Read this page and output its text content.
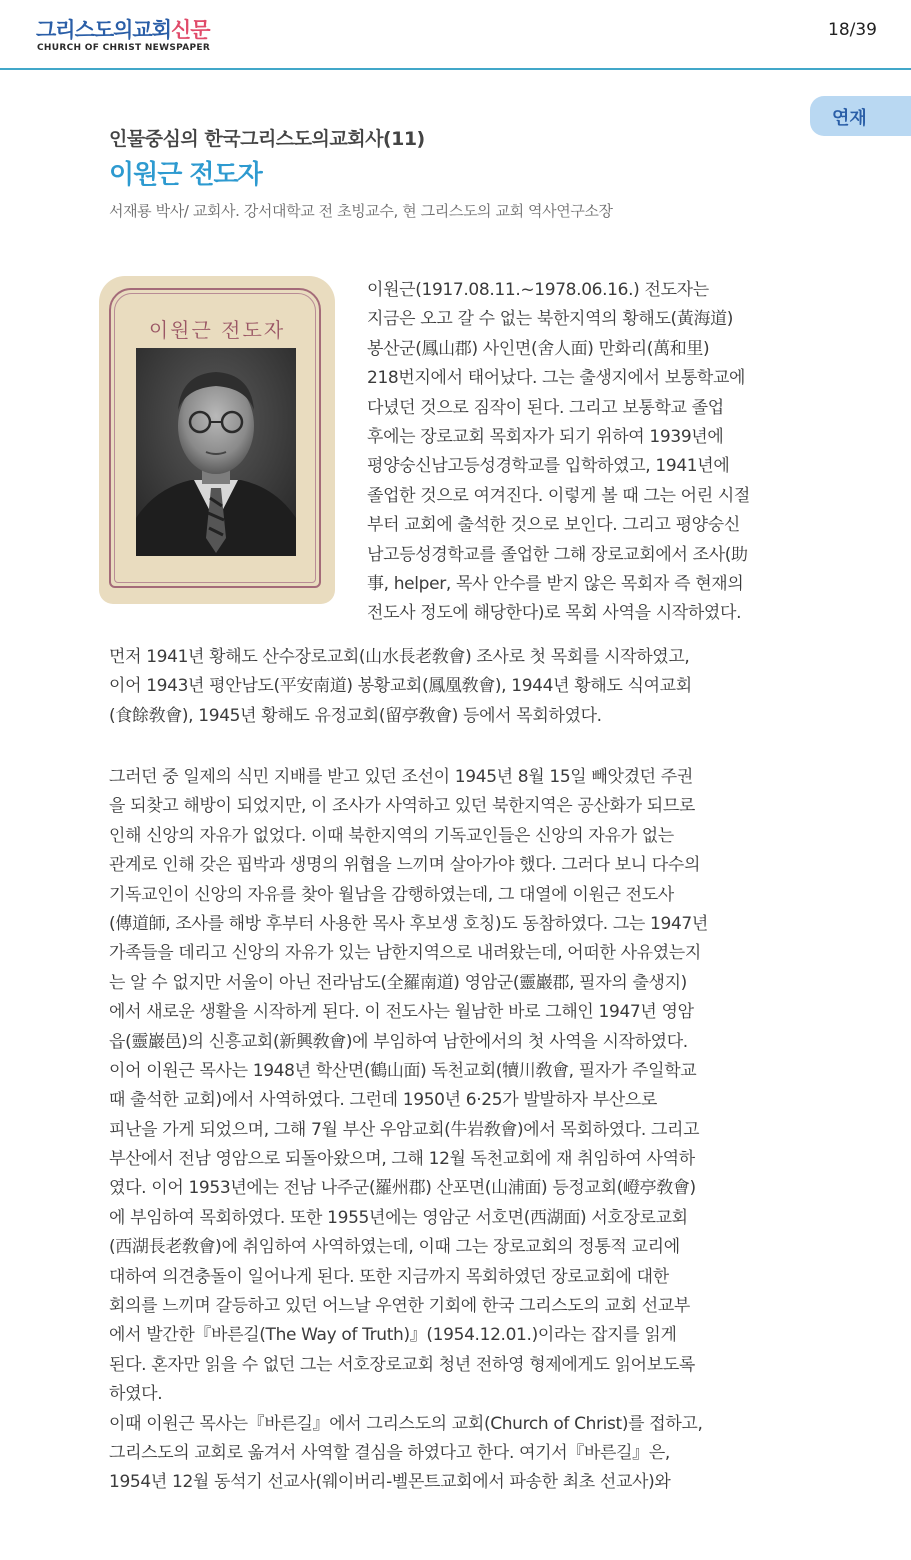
그리스도의교회신문
CHURCH OF CHRIST NEWSPAPER
18/39
연재
인물중심의 한국그리스도의교회사(11)
이원근 전도자
서재룡 박사/ 교회사. 강서대학교 전 초빙교수, 현 그리스도의 교회 역사연구소장
이원근 전도자
이원근(1917.08.11.~1978.06.16.) 전도자는
지금은 오고 갈 수 없는 북한지역의 황해도(黃海道)
봉산군(鳳山郡) 사인면(舍人面) 만화리(萬和里)
218번지에서 태어났다. 그는 출생지에서 보통학교에
다녔던 것으로 짐작이 된다. 그리고 보통학교 졸업
후에는 장로교회 목회자가 되기 위하여 1939년에
평양숭신남고등성경학교를 입학하였고, 1941년에
졸업한 것으로 여겨진다. 이렇게 볼 때 그는 어린 시절
부터 교회에 출석한 것으로 보인다. 그리고 평양숭신
남고등성경학교를 졸업한 그해 장로교회에서 조사(助
事, helper, 목사 안수를 받지 않은 목회자 즉 현재의
전도사 정도에 해당한다)로 목회 사역을 시작하였다.
먼저 1941년 황해도 산수장로교회(山水長老敎會) 조사로 첫 목회를 시작하였고,
이어 1943년 평안남도(平安南道) 봉황교회(鳳凰敎會), 1944년 황해도 식여교회
(食餘敎會), 1945년 황해도 유정교회(留亭敎會) 등에서 목회하였다.
그러던 중 일제의 식민 지배를 받고 있던 조선이 1945년 8월 15일 빼앗겼던 주권
을 되찾고 해방이 되었지만, 이 조사가 사역하고 있던 북한지역은 공산화가 되므로
인해 신앙의 자유가 없었다. 이때 북한지역의 기독교인들은 신앙의 자유가 없는
관계로 인해 갖은 핍박과 생명의 위협을 느끼며 살아가야 했다. 그러다 보니 다수의
기독교인이 신앙의 자유를 찾아 월남을 감행하였는데, 그 대열에 이원근 전도사
(傳道師, 조사를 해방 후부터 사용한 목사 후보생 호칭)도 동참하였다. 그는 1947년
가족들을 데리고 신앙의 자유가 있는 남한지역으로 내려왔는데, 어떠한 사유였는지
는 알 수 없지만 서울이 아닌 전라남도(全羅南道) 영암군(靈巖郡, 필자의 출생지)
에서 새로운 생활을 시작하게 된다. 이 전도사는 월남한 바로 그해인 1947년 영암
읍(靈巖邑)의 신흥교회(新興敎會)에 부임하여 남한에서의 첫 사역을 시작하였다.
이어 이원근 목사는 1948년 학산면(鶴山面) 독천교회(犢川敎會, 필자가 주일학교
때 출석한 교회)에서 사역하였다. 그런데 1950년 6·25가 발발하자 부산으로
피난을 가게 되었으며, 그해 7월 부산 우암교회(牛岩敎會)에서 목회하였다. 그리고
부산에서 전남 영암으로 되돌아왔으며, 그해 12월 독천교회에 재 취임하여 사역하
였다. 이어 1953년에는 전남 나주군(羅州郡) 산포면(山浦面) 등정교회(嶝亭敎會)
에 부임하여 목회하였다. 또한 1955년에는 영암군 서호면(西湖面) 서호장로교회
(西湖長老敎會)에 취임하여 사역하였는데, 이때 그는 장로교회의 정통적 교리에
대하여 의견충돌이 일어나게 된다. 또한 지금까지 목회하였던 장로교회에 대한
회의를 느끼며 갈등하고 있던 어느날 우연한 기회에 한국 그리스도의 교회 선교부
에서 발간한『바른길(The Way of Truth)』(1954.12.01.)이라는 잡지를 읽게
된다. 혼자만 읽을 수 없던 그는 서호장로교회 청년 전하영 형제에게도 읽어보도록
하였다.
이때 이원근 목사는『바른길』에서 그리스도의 교회(Church of Christ)를 접하고,
그리스도의 교회로 옮겨서 사역할 결심을 하였다고 한다. 여기서『바른길』은,
1954년 12월 동석기 선교사(웨이버리-벨몬트교회에서 파송한 최초 선교사)와
